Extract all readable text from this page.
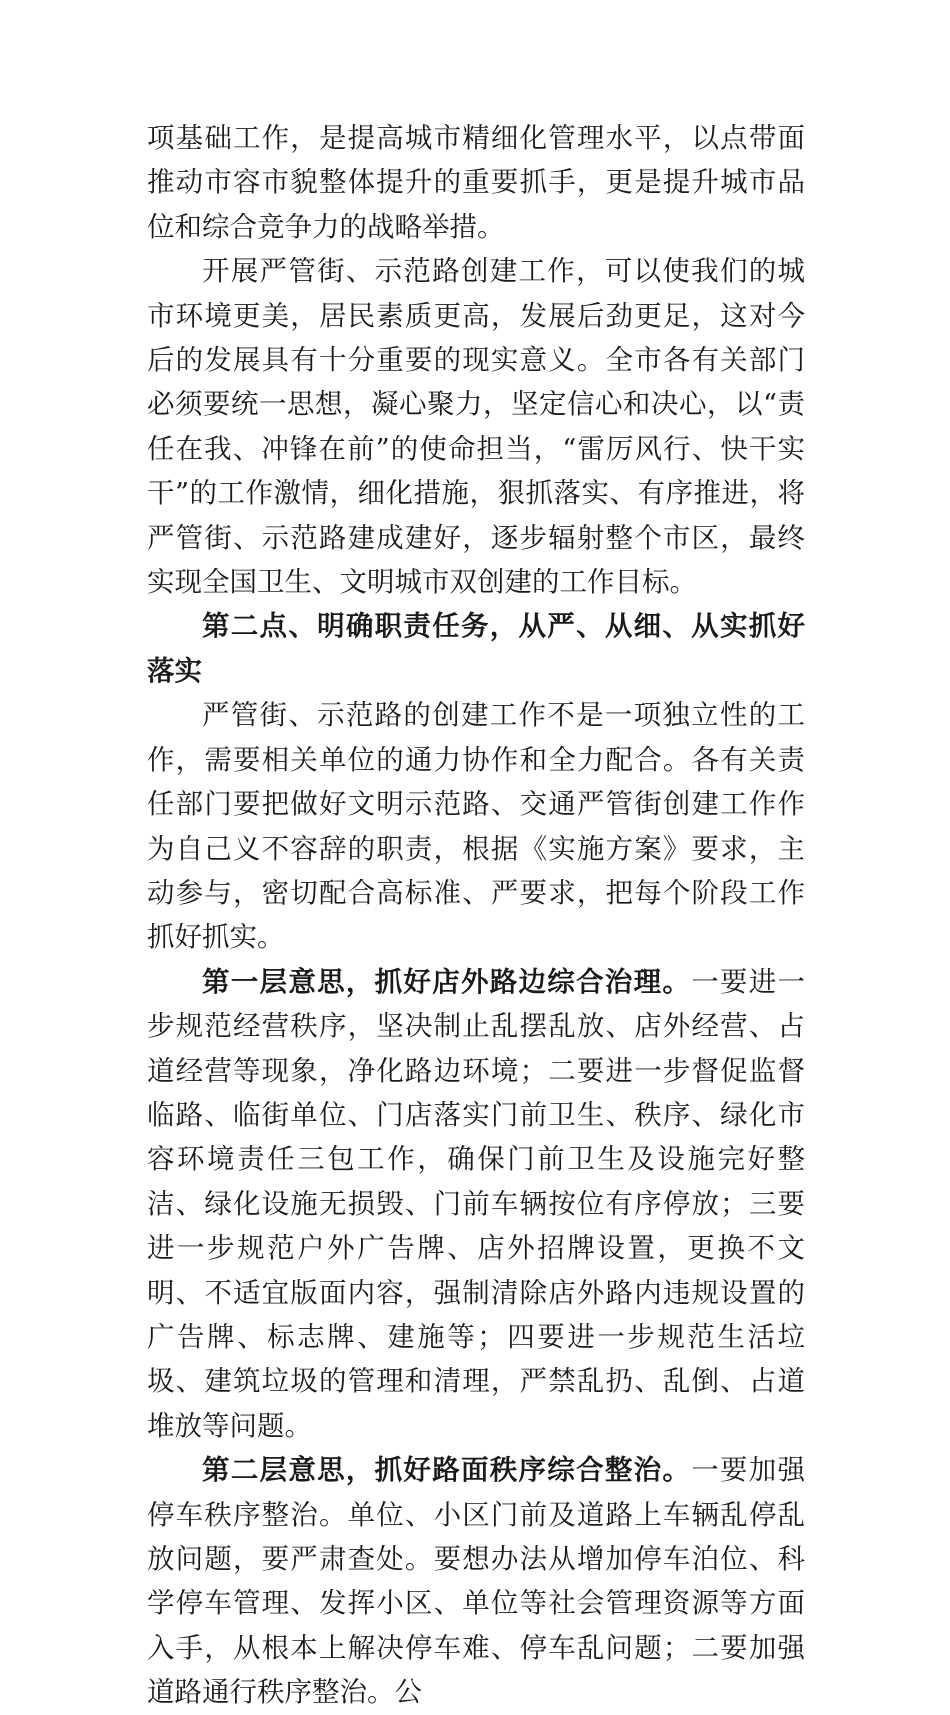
项基础工作，是提高城市精细化管理水平，以点带面推动市容市貌整体提升的重要抓手，更是提升城市品位和综合竞争力的战略举措。

开展严管街、示范路创建工作，可以使我们的城市环境更美，居民素质更高，发展后劲更足，这对今后的发展具有十分重要的现实意义。全市各有关部门必须要统一思想，凝心聚力，坚定信心和决心，以“责任在我、冲锋在前”的使命担当，“雷厉风行、快干实干”的工作激情，细化措施，狠抓落实、有序推进，将严管街、示范路建成建好，逐步辐射整个市区，最终实现全国卫生、文明城市双创建的工作目标。

第二点、明确职责任务，从严、从细、从实抓好落实

严管街、示范路的创建工作不是一项独立性的工作，需要相关单位的通力协作和全力配合。各有关责任部门要把做好文明示范路、交通严管街创建工作作为自己义不容辞的职责，根据《实施方案》要求，主动参与，密切配合高标准、严要求，把每个阶段工作抓好抓实。

第一层意思，抓好店外路边综合治理。一要进一步规范经营秩序，坚决制止乱摆乱放、店外经营、占道经营等现象，净化路边环境；二要进一步督促监督临路、临街单位、门店落实门前卫生、秩序、绿化市容环境责任三包工作，确保门前卫生及设施完好整洁、绿化设施无损毁、门前车辆按位有序停放；三要进一步规范户外广告牌、店外招牌设置，更换不文明、不适宜版面内容，强制清除店外路内违规设置的广告牌、标志牌、建施等；四要进一步规范生活垃圾、建筑垃圾的管理和清理，严禁乱扔、乱倒、占道堆放等问题。

第二层意思，抓好路面秩序综合整治。一要加强停车秩序整治。单位、小区门前及道路上车辆乱停乱放问题，要严肃查处。要想办法从增加停车泊位、科学停车管理、发挥小区、单位等社会管理资源等方面入手，从根本上解决停车难、停车乱问题；二要加强道路通行秩序整治。公
